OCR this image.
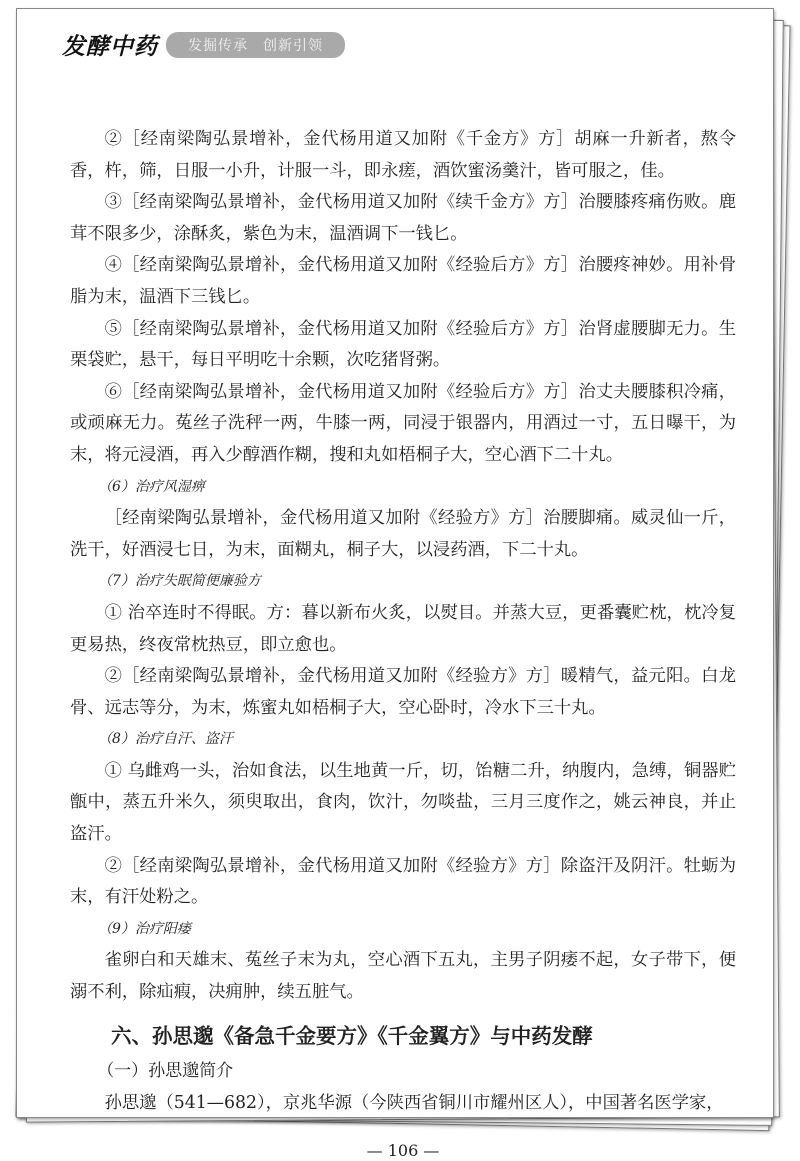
发酵中药	发掘传承　创新引领

②［经南梁陶弘景增补，金代杨用道又加附《千金方》方］胡麻一升新者，熬令香，杵，筛，日服一小升，计服一斗，即永瘥，酒饮蜜汤羹汁，皆可服之，佳。

③［经南梁陶弘景增补，金代杨用道又加附《续千金方》方］治腰膝疼痛伤败。鹿茸不限多少，涂酥炙，紫色为末，温酒调下一钱匕。

④［经南梁陶弘景增补，金代杨用道又加附《经验后方》方］治腰疼神妙。用补骨脂为末，温酒下三钱匕。

⑤［经南梁陶弘景增补，金代杨用道又加附《经验后方》方］治肾虚腰脚无力。生栗袋贮，悬干，每日平明吃十余颗，次吃猪肾粥。

⑥［经南梁陶弘景增补，金代杨用道又加附《经验后方》方］治丈夫腰膝积冷痛，或顽麻无力。菟丝子洗秤一两，牛膝一两，同浸于银器内，用酒过一寸，五日曝干，为末，将元浸酒，再入少醇酒作糊，搜和丸如梧桐子大，空心酒下二十丸。

（6）治疗风湿痹

［经南梁陶弘景增补，金代杨用道又加附《经验方》方］治腰脚痛。威灵仙一斤，洗干，好酒浸七日，为末，面糊丸，桐子大，以浸药酒，下二十丸。

（7）治疗失眠简便廉验方

① 治卒连时不得眠。方：暮以新布火炙，以熨目。并蒸大豆，更番囊贮枕，枕冷复更易热，终夜常枕热豆，即立愈也。

②［经南梁陶弘景增补，金代杨用道又加附《经验方》方］暖精气，益元阳。白龙骨、远志等分，为末，炼蜜丸如梧桐子大，空心卧时，冷水下三十丸。

（8）治疗自汗、盗汗

① 乌雌鸡一头，治如食法，以生地黄一斤，切，饴糖二升，纳腹内，急缚，铜器贮甑中，蒸五升米久，须臾取出，食肉，饮汁，勿啖盐，三月三度作之，姚云神良，并止盗汗。

②［经南梁陶弘景增补，金代杨用道又加附《经验方》方］除盗汗及阴汗。牡蛎为末，有汗处粉之。

（9）治疗阳痿

雀卵白和天雄末、菟丝子末为丸，空心酒下五丸，主男子阴痿不起，女子带下，便溺不利，除疝瘕，决痈肿，续五脏气。

六、孙思邈《备急千金要方》《千金翼方》与中药发酵

（一）孙思邈简介

孙思邈（541—682），京兆华源（今陕西省铜川市耀州区人），中国著名医学家，

— 106 —
